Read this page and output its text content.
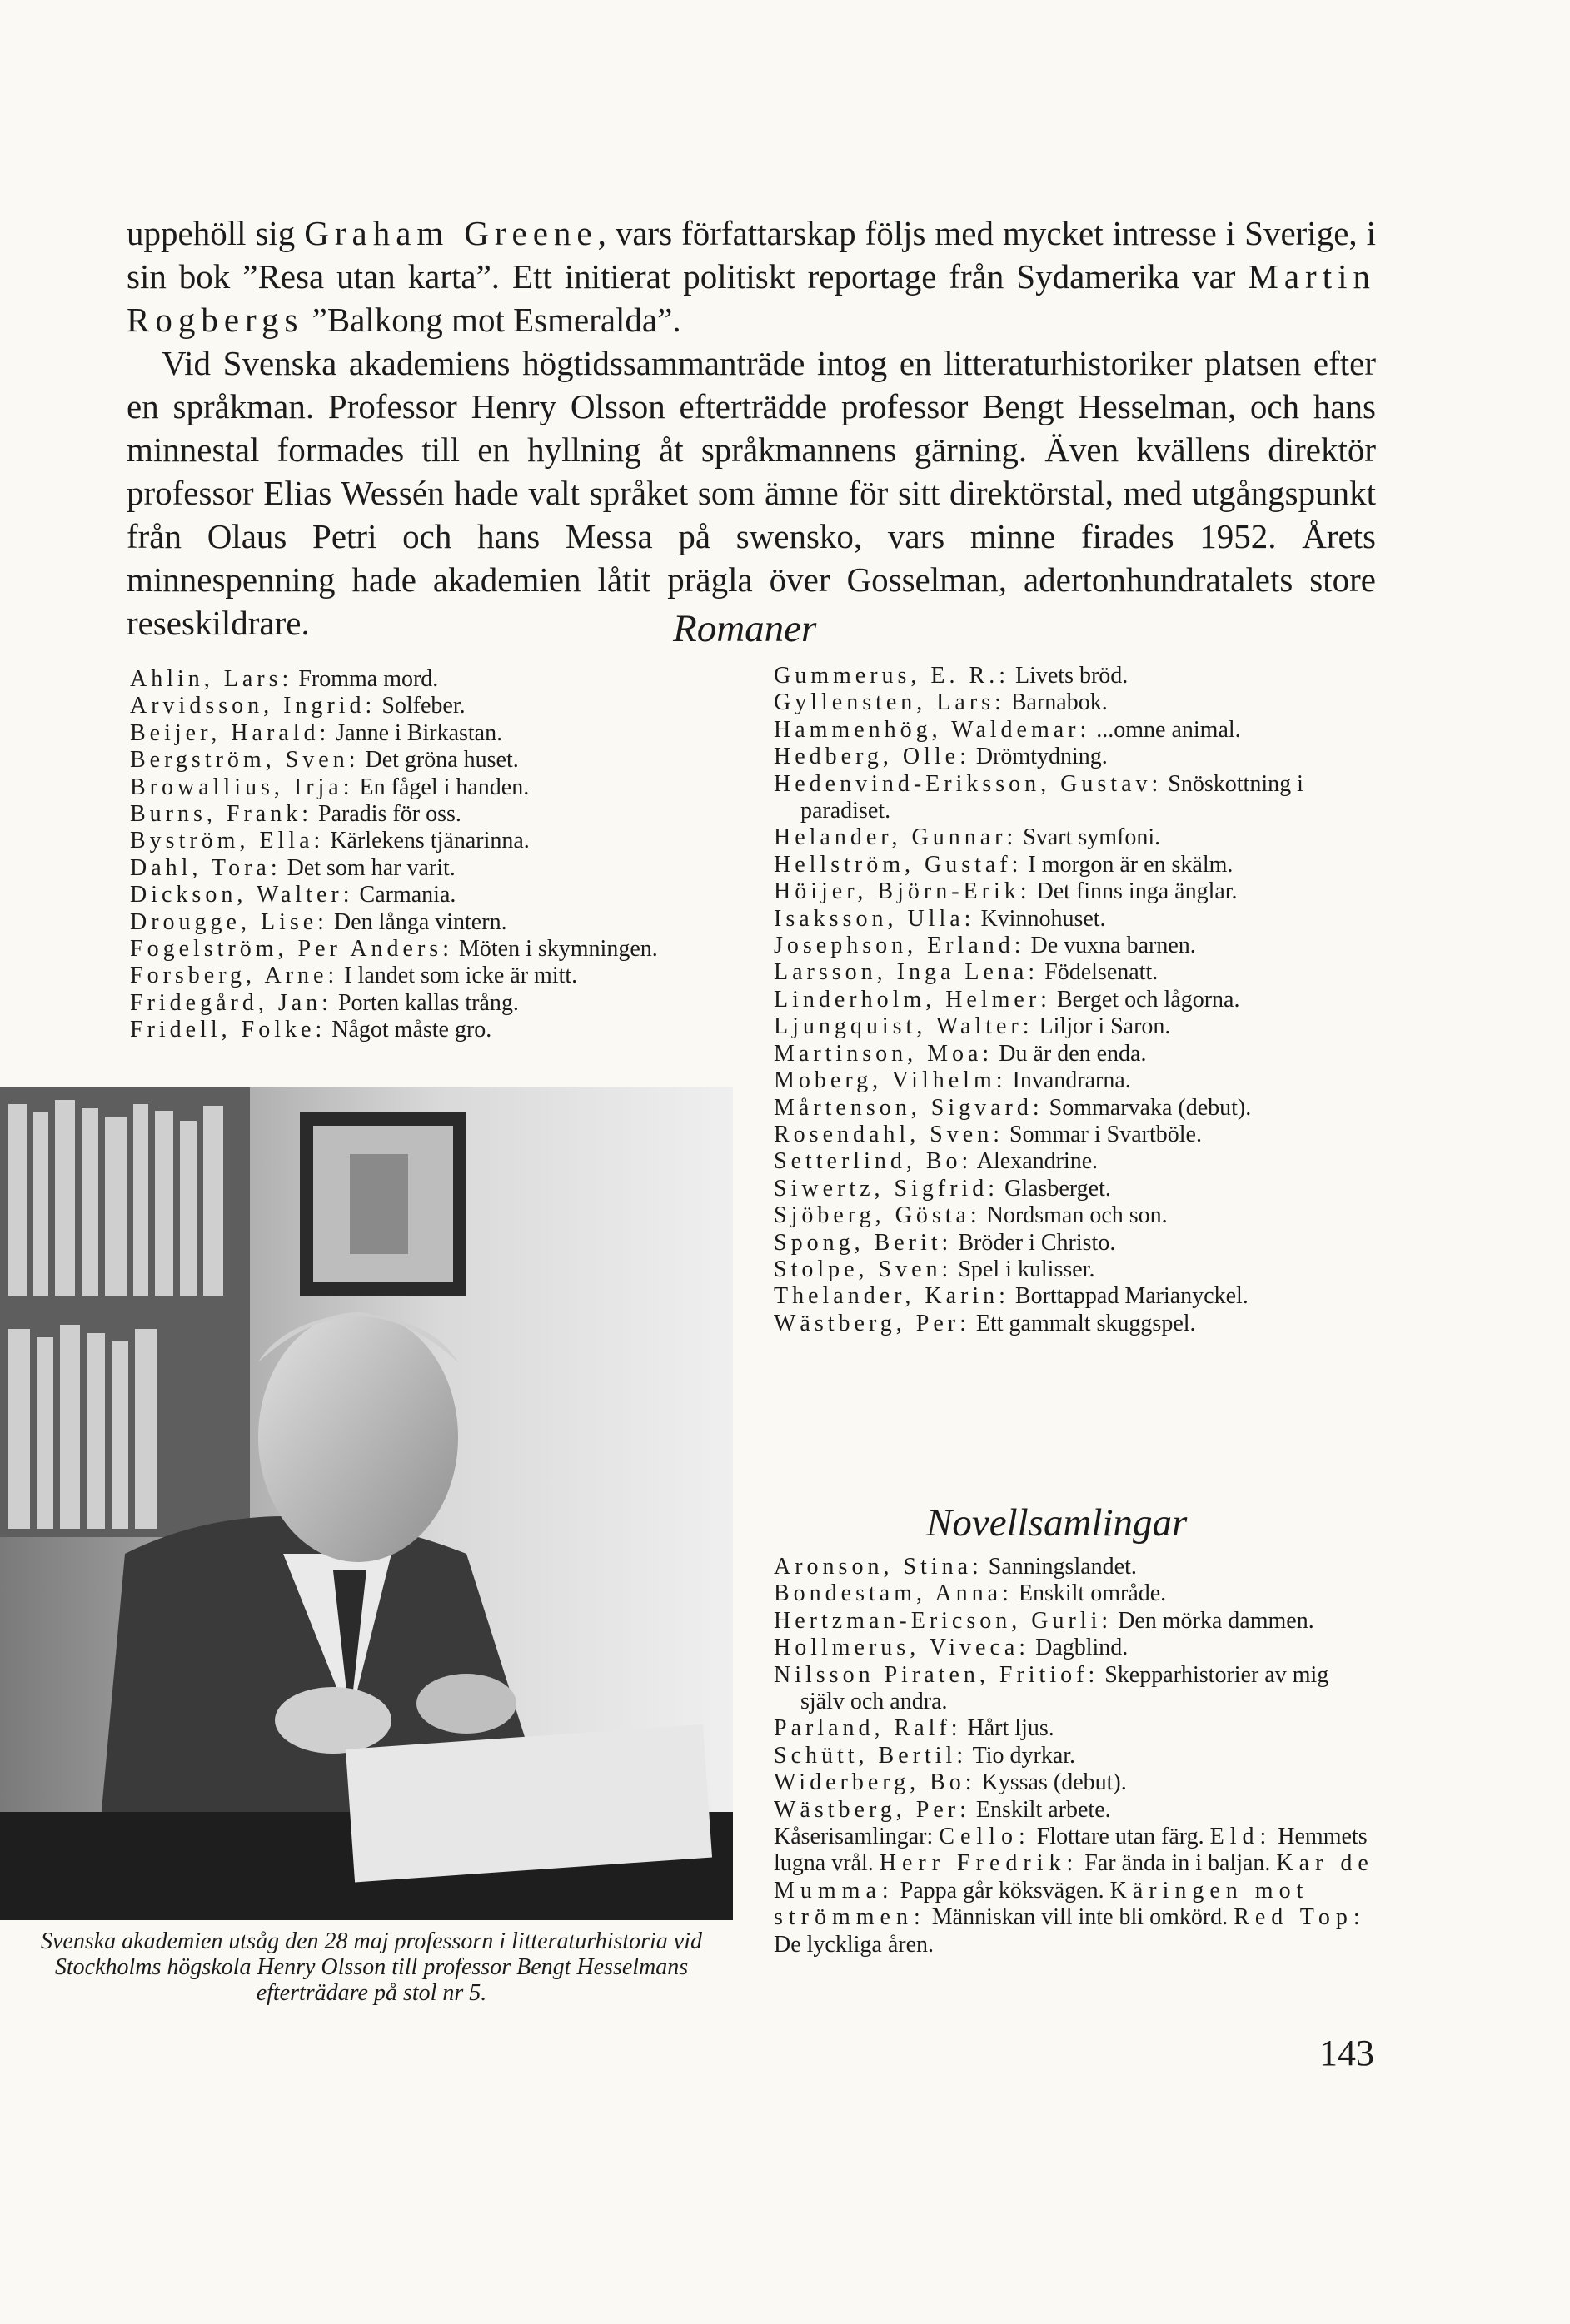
uppehöll sig Graham Greene, vars författarskap följs med mycket intresse i Sverige, i sin bok ”Resa utan karta”. Ett initierat politiskt reportage från Sydamerika var Martin Rogbergs ”Balkong mot Esmeralda”.

Vid Svenska akademiens högtidssammanträde intog en litteraturhistoriker platsen efter en språkman. Professor Henry Olsson efterträdde professor Bengt Hesselman, och hans minnestal formades till en hyllning åt språkmannens gärning. Även kvällens direktör professor Elias Wessén hade valt språket som ämne för sitt direktörstal, med utgångspunkt från Olaus Petri och hans Messa på swensko, vars minne firades 1952. Årets minnespenning hade akademien låtit prägla över Gosselman, adertonhundratalets store reseskildrare.	Romaner
Ahlin, Lars: Fromma mord.
Arvidsson, Ingrid: Solfeber.
Beijer, Harald: Janne i Birkastan.
Bergström, Sven: Det gröna huset.
Browallius, Irja: En fågel i handen.
Burns, Frank: Paradis för oss.
Byström, Ella: Kärlekens tjänarinna.
Dahl, Tora: Det som har varit.
Dickson, Walter: Carmania.
Drougge, Lise: Den långa vintern.
Fogelström, Per Anders: Möten i skymningen.
Forsberg, Arne: I landet som icke är mitt.
Fridegård, Jan: Porten kallas trång.
Fridell, Folke: Något måste gro.
Gummerus, E. R.: Livets bröd.
Gyllensten, Lars: Barnabok.
Hammenhög, Waldemar: ...omne animal.
Hedberg, Olle: Drömtydning.
Hedenvind-Eriksson, Gustav: Snöskottning i paradiset.
Helander, Gunnar: Svart symfoni.
Hellström, Gustaf: I morgon är en skälm.
Höijer, Björn-Erik: Det finns inga änglar.
Isaksson, Ulla: Kvinnohuset.
Josephson, Erland: De vuxna barnen.
Larsson, Inga Lena: Födelsenatt.
Linderholm, Helmer: Berget och lågorna.
Ljungquist, Walter: Liljor i Saron.
Martinson, Moa: Du är den enda.
Moberg, Vilhelm: Invandrarna.
Mårtenson, Sigvard: Sommarvaka (debut).
Rosendahl, Sven: Sommar i Svartböle.
Setterlind, Bo: Alexandrine.
Siwertz, Sigfrid: Glasberget.
Sjöberg, Gösta: Nordsman och son.
Spong, Berit: Bröder i Christo.
Stolpe, Sven: Spel i kulisser.
Thelander, Karin: Borttappad Marianyckel.
Wästberg, Per: Ett gammalt skuggspel.
Novellsamlingar
Aronson, Stina: Sanningslandet.
Bondestam, Anna: Enskilt område.
Hertzman-Ericson, Gurli: Den mörka dammen.
Hollmerus, Viveca: Dagblind.
Nilsson Piraten, Fritiof: Skepparhistorier av mig själv och andra.
Parland, Ralf: Hårt ljus.
Schütt, Bertil: Tio dyrkar.
Widerberg, Bo: Kyssas (debut).
Wästberg, Per: Enskilt arbete.
Kåserisamlingar: Cello: Flottare utan färg. Eld: Hemmets lugna vrål. Herr Fredrik: Far ända in i baljan. Kar de Mumma: Pappa går köksvägen. Käringen mot strömmen: Människan vill inte bli omkörd. Red Top: De lyckliga åren.

Svenska akademien utsåg den 28 maj professorn i litteraturhistoria vid Stockholms högskola Henry Olsson till professor Bengt Hesselmans efterträdare på stol nr 5.

143
